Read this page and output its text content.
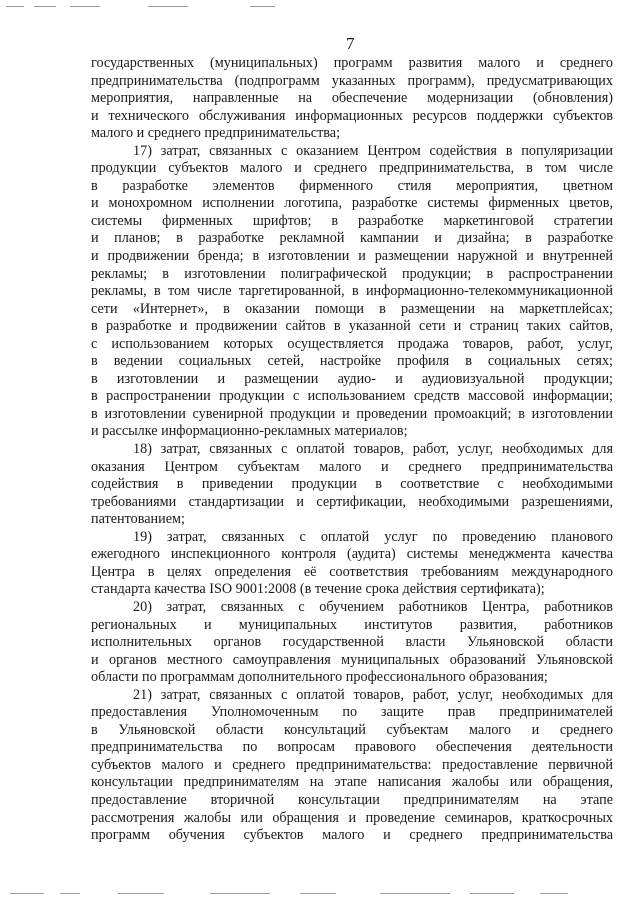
7
государственных (муниципальных) программ развития малого и среднего
предпринимательства (подпрограмм указанных программ), предусматривающих
мероприятия, направленные на обеспечение модернизации (обновления)
и технического обслуживания информационных ресурсов поддержки субъектов
малого и среднего предпринимательства;
17) затрат, связанных с оказанием Центром содействия в популяризации
продукции субъектов малого и среднего предпринимательства, в том числе
в разработке элементов фирменного стиля мероприятия, цветном
и монохромном исполнении логотипа, разработке системы фирменных цветов,
системы фирменных шрифтов; в разработке маркетинговой стратегии
и планов; в разработке рекламной кампании и дизайна; в разработке
и продвижении бренда; в изготовлении и размещении наружной и внутренней
рекламы; в изготовлении полиграфической продукции; в распространении
рекламы, в том числе таргетированной, в информационно-телекоммуникационной
сети «Интернет», в оказании помощи в размещении на маркетплейсах;
в разработке и продвижении сайтов в указанной сети и страниц таких сайтов,
с использованием которых осуществляется продажа товаров, работ, услуг,
в ведении социальных сетей, настройке профиля в социальных сетях;
в изготовлении и размещении аудио- и аудиовизуальной продукции;
в распространении продукции с использованием средств массовой информации;
в изготовлении сувенирной продукции и проведении промоакций; в изготовлении
и рассылке информационно-рекламных материалов;
18) затрат, связанных с оплатой товаров, работ, услуг, необходимых для
оказания Центром субъектам малого и среднего предпринимательства
содействия в приведении продукции в соответствие с необходимыми
требованиями стандартизации и сертификации, необходимыми разрешениями,
патентованием;
19) затрат, связанных с оплатой услуг по проведению планового
ежегодного инспекционного контроля (аудита) системы менеджмента качества
Центра в целях определения её соответствия требованиям международного
стандарта качества ISO 9001:2008 (в течение срока действия сертификата);
20) затрат, связанных с обучением работников Центра, работников
региональных и муниципальных институтов развития, работников
исполнительных органов государственной власти Ульяновской области
и органов местного самоуправления муниципальных образований Ульяновской
области по программам дополнительного профессионального образования;
21) затрат, связанных с оплатой товаров, работ, услуг, необходимых для
предоставления Уполномоченным по защите прав предпринимателей
в Ульяновской области консультаций субъектам малого и среднего
предпринимательства по вопросам правового обеспечения деятельности
субъектов малого и среднего предпринимательства: предоставление первичной
консультации предпринимателям на этапе написания жалобы или обращения,
предоставление вторичной консультации предпринимателям на этапе
рассмотрения жалобы или обращения и проведение семинаров, краткосрочных
программ обучения субъектов малого и среднего предпринимательства
